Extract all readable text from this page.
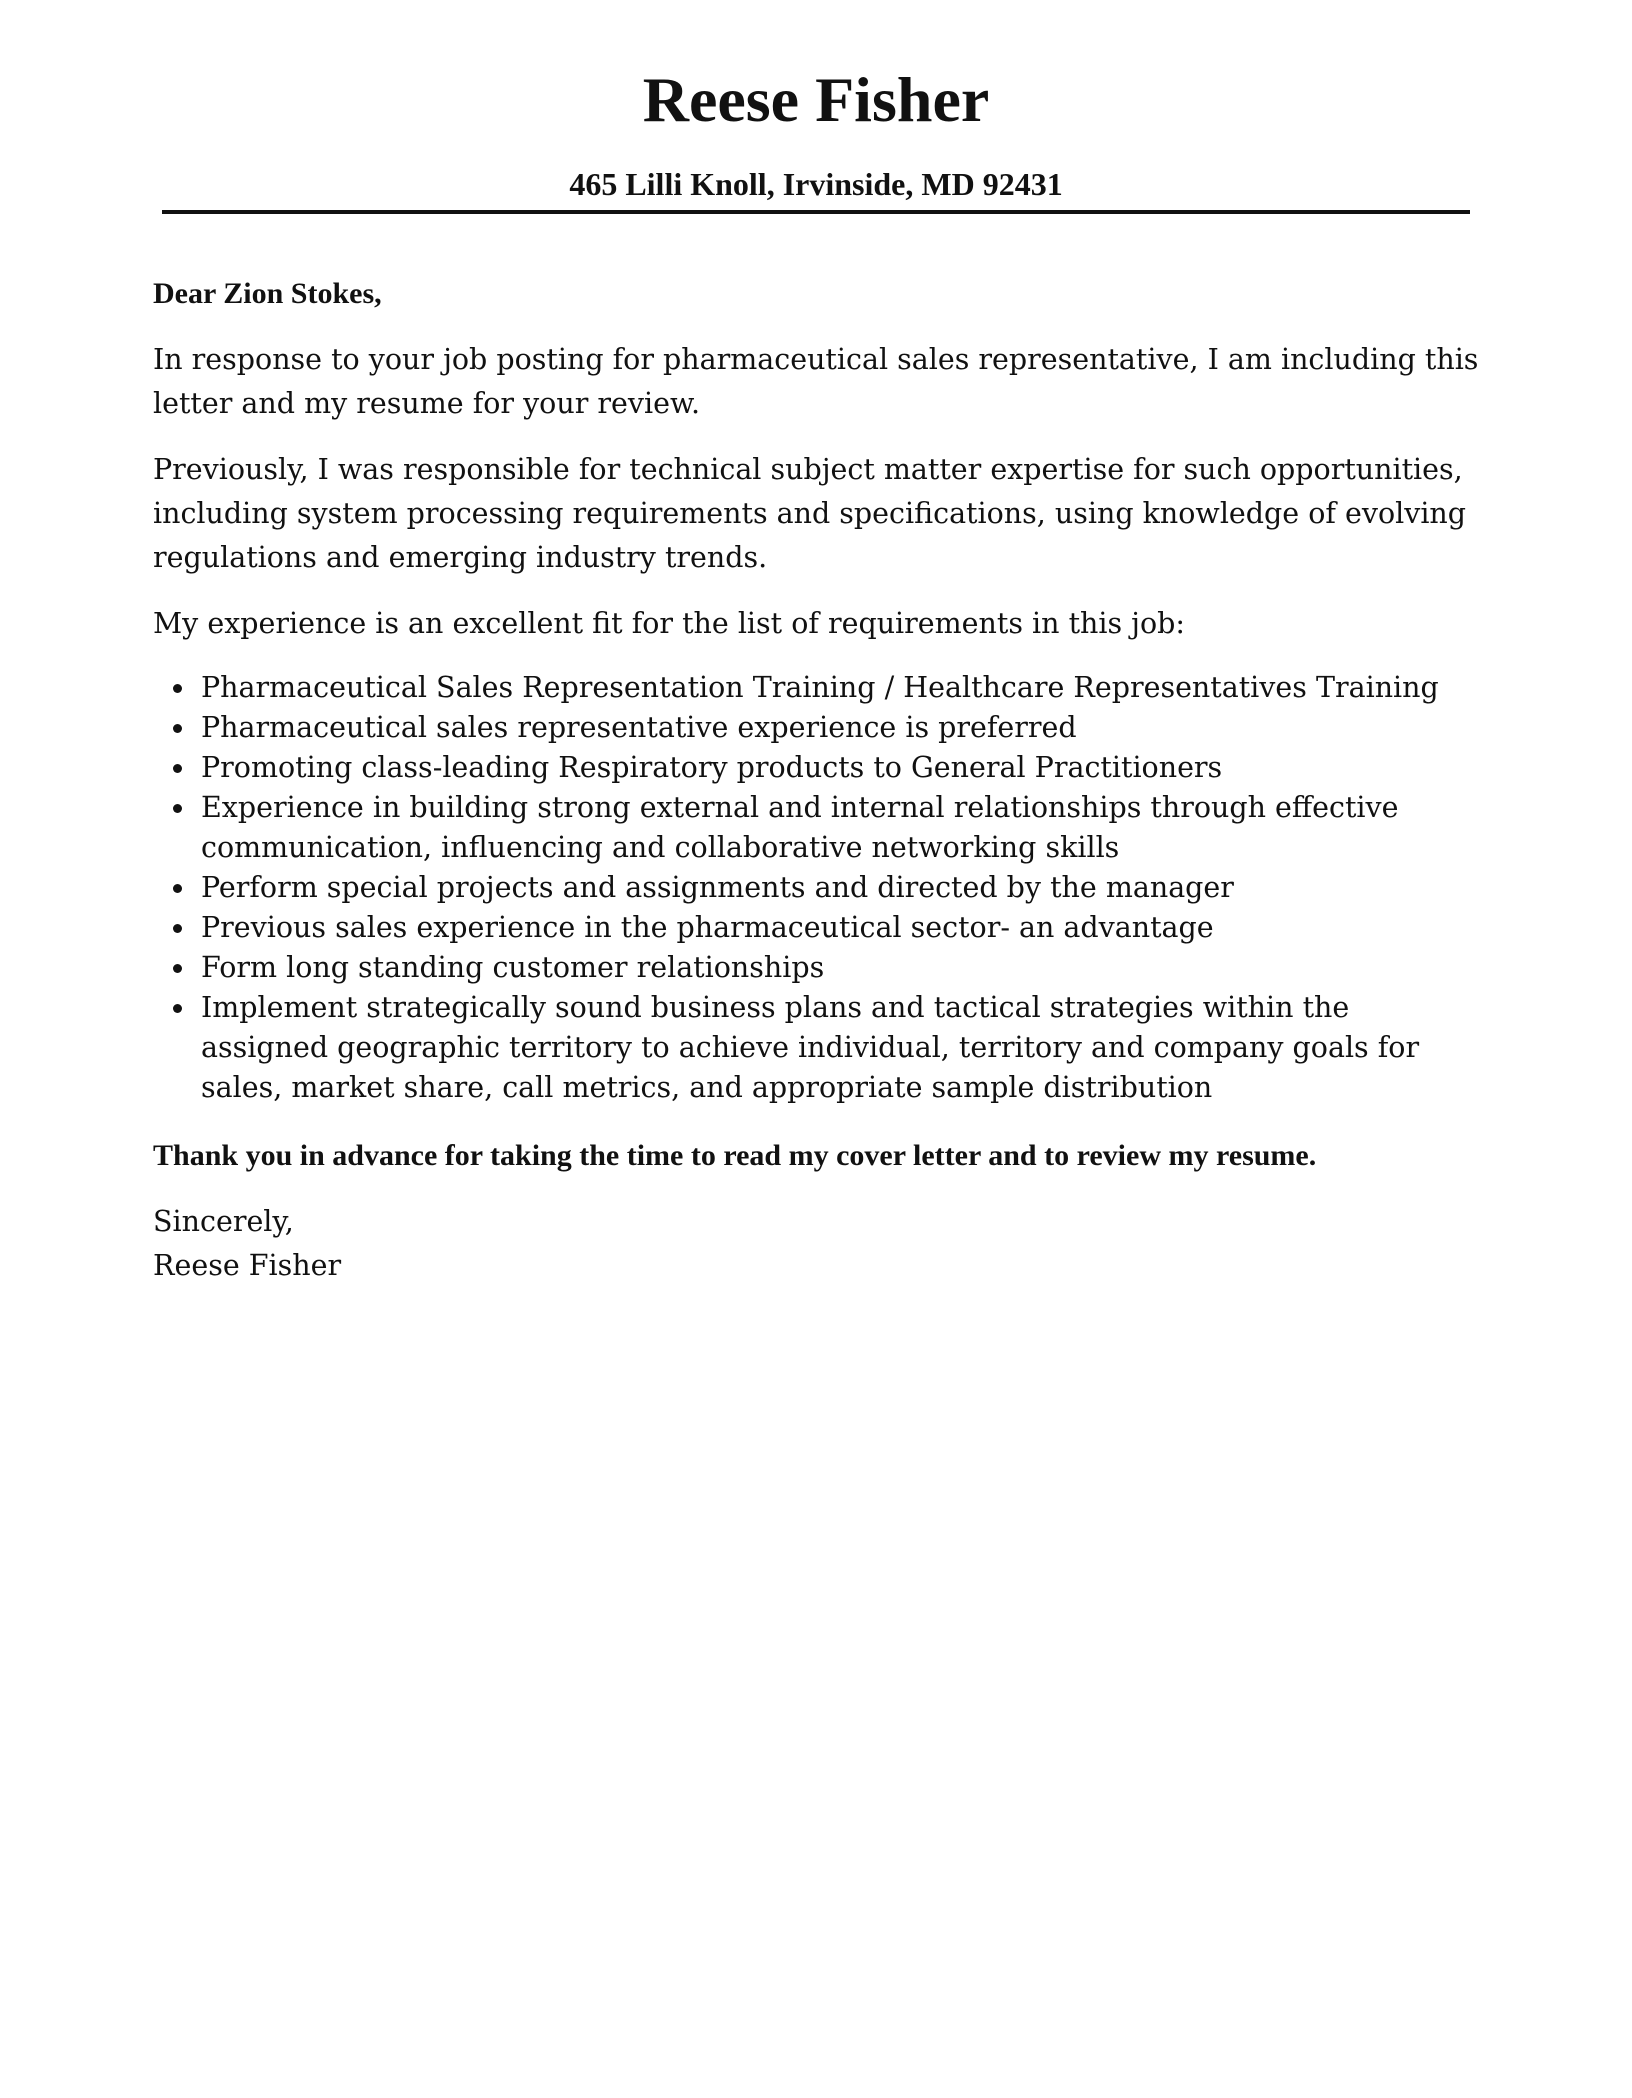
Reese Fisher
465 Lilli Knoll, Irvinside, MD 92431

Dear Zion Stokes,

In response to your job posting for pharmaceutical sales representative, I am including this letter and my resume for your review.

Previously, I was responsible for technical subject matter expertise for such opportunities, including system processing requirements and specifications, using knowledge of evolving regulations and emerging industry trends.

My experience is an excellent fit for the list of requirements in this job:

Pharmaceutical Sales Representation Training / Healthcare Representatives Training
Pharmaceutical sales representative experience is preferred
Promoting class-leading Respiratory products to General Practitioners
Experience in building strong external and internal relationships through effective communication, influencing and collaborative networking skills
Perform special projects and assignments and directed by the manager
Previous sales experience in the pharmaceutical sector- an advantage
Form long standing customer relationships
Implement strategically sound business plans and tactical strategies within the assigned geographic territory to achieve individual, territory and company goals for sales, market share, call metrics, and appropriate sample distribution

Thank you in advance for taking the time to read my cover letter and to review my resume.

Sincerely,

Reese Fisher
